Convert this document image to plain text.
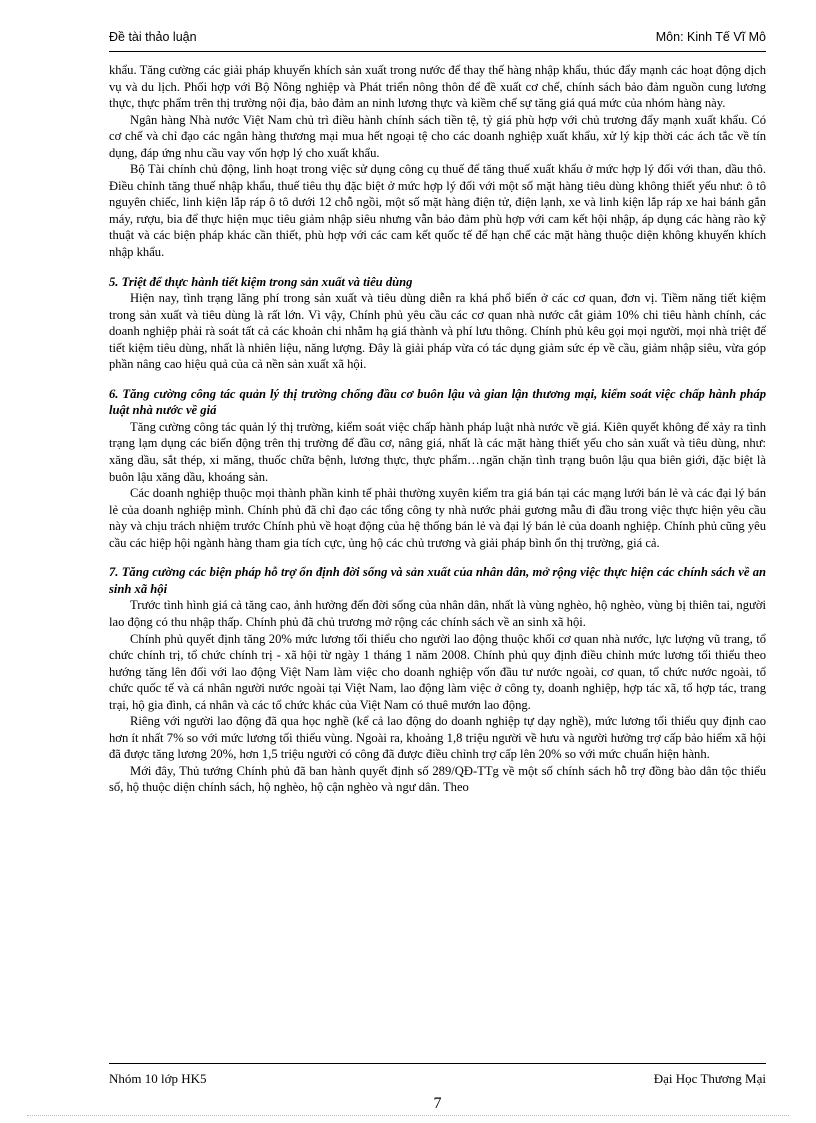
Đề tài thảo luận	Môn: Kinh Tế Vĩ Mô

khẩu. Tăng cường các giải pháp khuyến khích sản xuất trong nước để thay thế hàng nhập khẩu, thúc đẩy mạnh các hoạt động dịch vụ và du lịch. Phối hợp với Bộ Nông nghiệp và Phát triển nông thôn để đề xuất cơ chế, chính sách bảo đảm nguồn cung lương thực, thực phẩm trên thị trường nội địa, bảo đảm an ninh lương thực và kiềm chế sự tăng giá quá mức của nhóm hàng này.

Ngân hàng Nhà nước Việt Nam chủ trì điều hành chính sách tiền tệ, tỷ giá phù hợp với chủ trương đẩy mạnh xuất khẩu. Có cơ chế và chỉ đạo các ngân hàng thương mại mua hết ngoại tệ cho các doanh nghiệp xuất khẩu, xử lý kịp thời các ách tắc về tín dụng, đáp ứng nhu cầu vay vốn hợp lý cho xuất khẩu.

Bộ Tài chính chủ động, linh hoạt trong việc sử dụng công cụ thuế để tăng thuế xuất khẩu ở mức hợp lý đối với than, dầu thô. Điều chỉnh tăng thuế nhập khẩu, thuế tiêu thụ đặc biệt ở mức hợp lý đối với một số mặt hàng tiêu dùng không thiết yếu như: ô tô nguyên chiếc, linh kiện lắp ráp ô tô dưới 12 chỗ ngồi, một số mặt hàng điện tử, điện lạnh, xe và linh kiện lắp ráp xe hai bánh gắn máy, rượu, bia để thực hiện mục tiêu giảm nhập siêu nhưng vẫn bảo đảm phù hợp với cam kết hội nhập, áp dụng các hàng rào kỹ thuật và các biện pháp khác cần thiết, phù hợp với các cam kết quốc tế để hạn chế các mặt hàng thuộc diện không khuyến khích nhập khẩu.

5. Triệt để thực hành tiết kiệm trong sản xuất và tiêu dùng

Hiện nay, tình trạng lãng phí trong sản xuất và tiêu dùng diễn ra khá phổ biến ở các cơ quan, đơn vị. Tiềm năng tiết kiệm trong sản xuất và tiêu dùng là rất lớn. Vì vậy, Chính phủ yêu cầu các cơ quan nhà nước cắt giảm 10% chi tiêu hành chính, các doanh nghiệp phải rà soát tất cả các khoản chi nhằm hạ giá thành và phí lưu thông. Chính phủ kêu gọi mọi người, mọi nhà triệt để tiết kiệm tiêu dùng, nhất là nhiên liệu, năng lượng. Đây là giải pháp vừa có tác dụng giảm sức ép về cầu, giảm nhập siêu, vừa góp phần nâng cao hiệu quả của cả nền sản xuất xã hội.

6. Tăng cường công tác quản lý thị trường chống đầu cơ buôn lậu và gian lận thương mại, kiểm soát việc chấp hành pháp luật nhà nước về giá

Tăng cường công tác quản lý thị trường, kiểm soát việc chấp hành pháp luật nhà nước về giá. Kiên quyết không để xảy ra tình trạng lạm dụng các biến động trên thị trường để đầu cơ, nâng giá, nhất là các mặt hàng thiết yếu cho sản xuất và tiêu dùng, như: xăng dầu, sắt thép, xi măng, thuốc chữa bệnh, lương thực, thực phẩm…ngăn chặn tình trạng buôn lậu qua biên giới, đặc biệt là buôn lậu xăng dầu, khoáng sản.

Các doanh nghiệp thuộc mọi thành phần kinh tế phải thường xuyên kiểm tra giá bán tại các mạng lưới bán lẻ và các đại lý bán lẻ của doanh nghiệp mình. Chính phủ đã chỉ đạo các tổng công ty nhà nước phải gương mẫu đi đầu trong việc thực hiện yêu cầu này và chịu trách nhiệm trước Chính phủ về hoạt động của hệ thống bán lẻ và đại lý bán lẻ của doanh nghiệp. Chính phủ cũng yêu cầu các hiệp hội ngành hàng tham gia tích cực, ủng hộ các chủ trương và giải pháp bình ổn thị trường, giá cả.

7. Tăng cường các biện pháp hỗ trợ ổn định đời sống và sản xuất của nhân dân, mở rộng việc thực hiện các chính sách về an sinh xã hội

Trước tình hình giá cả tăng cao, ảnh hưởng đến đời sống của nhân dân, nhất là vùng nghèo, hộ nghèo, vùng bị thiên tai, người lao động có thu nhập thấp. Chính phủ đã chủ trương mở rộng các chính sách về an sinh xã hội.

Chính phủ quyết định tăng 20% mức lương tối thiểu cho người lao động thuộc khối cơ quan nhà nước, lực lượng vũ trang, tổ chức chính trị, tổ chức chính trị - xã hội từ ngày 1 tháng 1 năm 2008. Chính phủ quy định điều chỉnh mức lương tối thiểu theo hướng tăng lên đối với lao động Việt Nam làm việc cho doanh nghiệp vốn đầu tư nước ngoài, cơ quan, tổ chức nước ngoài, tổ chức quốc tế và cá nhân người nước ngoài tại Việt Nam, lao động làm việc ở công ty, doanh nghiệp, hợp tác xã, tổ hợp tác, trang trại, hộ gia đình, cá nhân và các tổ chức khác của Việt Nam có thuê mướn lao động.

Riêng với người lao động đã qua học nghề (kể cả lao động do doanh nghiệp tự dạy nghề), mức lương tối thiểu quy định cao hơn ít nhất 7% so với mức lương tối thiểu vùng. Ngoài ra, khoảng 1,8 triệu người về hưu và người hưởng trợ cấp bảo hiểm xã hội đã được tăng lương 20%, hơn 1,5 triệu người có công đã được điều chỉnh trợ cấp lên 20% so với mức chuẩn hiện hành.

Mới đây, Thủ tướng Chính phủ đã ban hành quyết định số 289/QĐ-TTg về một số chính sách hỗ trợ đồng bào dân tộc thiểu số, hộ thuộc diện chính sách, hộ nghèo, hộ cận nghèo và ngư dân. Theo

Nhóm 10 lớp HK5	Đại Học Thương Mại
7
